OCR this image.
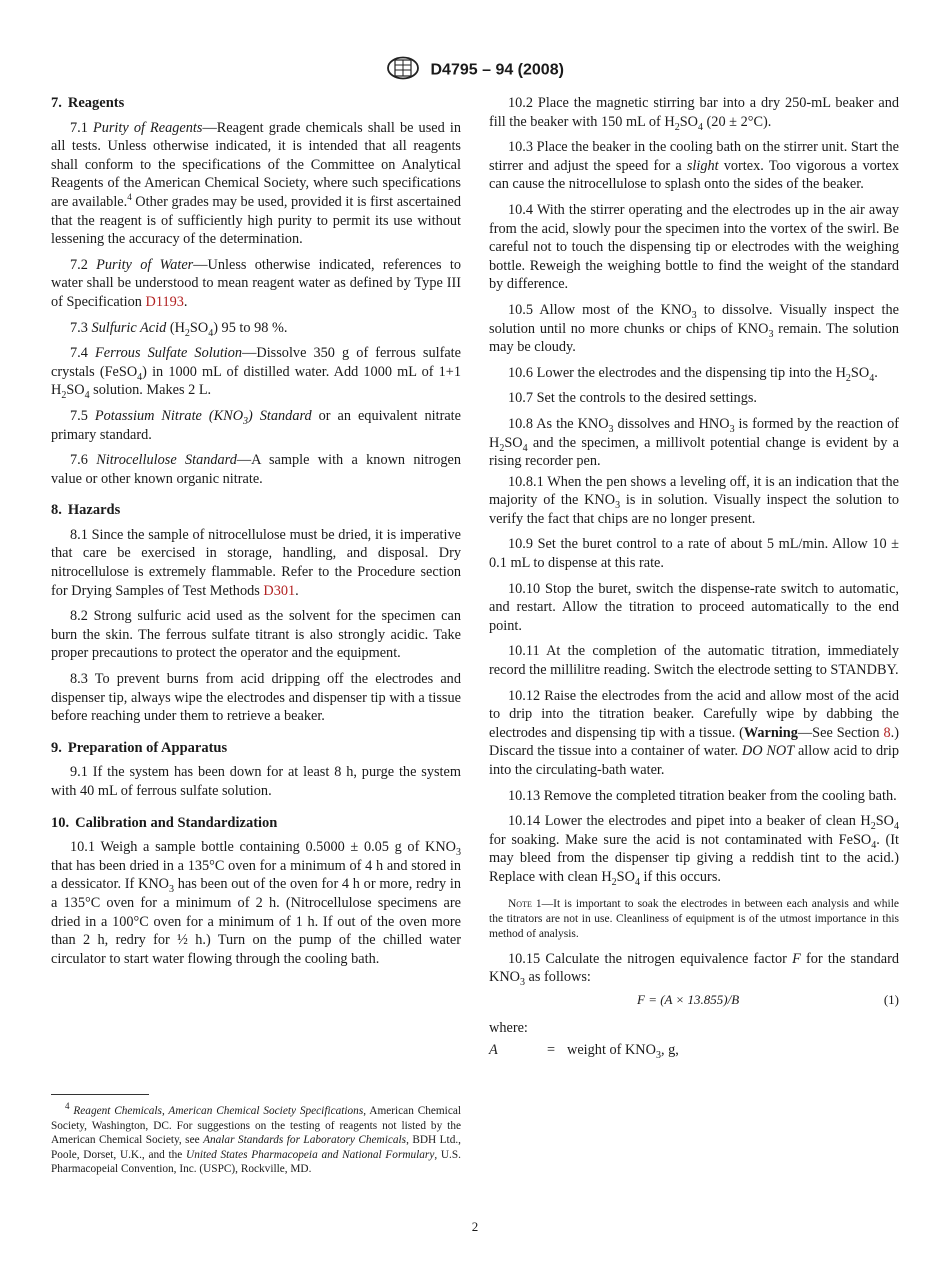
D4795 – 94 (2008)
7. Reagents

7.1 Purity of Reagents—Reagent grade chemicals shall be used in all tests. Unless otherwise indicated, it is intended that all reagents shall conform to the specifications of the Committee on Analytical Reagents of the American Chemical Society, where such specifications are available.$^4$ Other grades may be used, provided it is first ascertained that the reagent is of sufficiently high purity to permit its use without lessening the accuracy of the determination.

7.2 Purity of Water—Unless otherwise indicated, references to water shall be understood to mean reagent water as defined by Type III of Specification D1193.

7.3 Sulfuric Acid $(H_2SO_4)$ 95 to 98 %.

7.4 Ferrous Sulfate Solution—Dissolve 350 g of ferrous sulfate crystals (FeSO$_4$) in 1000 mL of distilled water. Add 1000 mL of 1+1 $H_2SO_4$ solution. Makes 2 L.

7.5 Potassium Nitrate $(KNO_3)$ Standard or an equivalent nitrate primary standard.

7.6 Nitrocellulose Standard—A sample with a known nitrogen value or other known organic nitrate.

8. Hazards

8.1 Since the sample of nitrocellulose must be dried, it is imperative that care be exercised in storage, handling, and disposal. Dry nitrocellulose is extremely flammable. Refer to the Procedure section for Drying Samples of Test Methods D301.

8.2 Strong sulfuric acid used as the solvent for the specimen can burn the skin. The ferrous sulfate titrant is also strongly acidic. Take proper precautions to protect the operator and the equipment.

8.3 To prevent burns from acid dripping off the electrodes and dispenser tip, always wipe the electrodes and dispenser tip with a tissue before reaching under them to retrieve a beaker.

9. Preparation of Apparatus

9.1 If the system has been down for at least 8 h, purge the system with 40 mL of ferrous sulfate solution.

10. Calibration and Standardization

10.1 Weigh a sample bottle containing 0.5000 ± 0.05 g of $KNO_3$ that has been dried in a 135°C oven for a minimum of 4 h and stored in a dessicator. If $KNO_3$ has been out of the oven for 4 h or more, redry in a 135°C oven for a minimum of 2 h. (Nitrocellulose specimens are dried in a 100°C oven for a minimum of 1 h. If out of the oven more than 2 h, redry for ½ h.) Turn on the pump of the chilled water circulator to start water flowing through the cooling bath.

$^4$ Reagent Chemicals, American Chemical Society Specifications, American Chemical Society, Washington, DC. For suggestions on the testing of reagents not listed by the American Chemical Society, see Analar Standards for Laboratory Chemicals, BDH Ltd., Poole, Dorset, U.K., and the United States Pharmacopeia and National Formulary, U.S. Pharmacopeial Convention, Inc. (USPC), Rockville, MD.

10.2 Place the magnetic stirring bar into a dry 250-mL beaker and fill the beaker with 150 mL of $H_2SO_4$ (20 ± 2°C).

10.3 Place the beaker in the cooling bath on the stirrer unit. Start the stirrer and adjust the speed for a slight vortex. Too vigorous a vortex can cause the nitrocellulose to splash onto the sides of the beaker.

10.4 With the stirrer operating and the electrodes up in the air away from the acid, slowly pour the specimen into the vortex of the swirl. Be careful not to touch the dispensing tip or electrodes with the weighing bottle. Reweigh the weighing bottle to find the weight of the standard by difference.

10.5 Allow most of the $KNO_3$ to dissolve. Visually inspect the solution until no more chunks or chips of $KNO_3$ remain. The solution may be cloudy.

10.6 Lower the electrodes and the dispensing tip into the $H_2SO_4$.

10.7 Set the controls to the desired settings.

10.8 As the $KNO_3$ dissolves and $HNO_3$ is formed by the reaction of $H_2SO_4$ and the specimen, a millivolt potential change is evident by a rising recorder pen.

10.8.1 When the pen shows a leveling off, it is an indication that the majority of the $KNO_3$ is in solution. Visually inspect the solution to verify the fact that chips are no longer present.

10.9 Set the buret control to a rate of about 5 mL/min. Allow 10 ± 0.1 mL to dispense at this rate.

10.10 Stop the buret, switch the dispense-rate switch to automatic, and restart. Allow the titration to proceed automatically to the end point.

10.11 At the completion of the automatic titration, immediately record the millilitre reading. Switch the electrode setting to STANDBY.

10.12 Raise the electrodes from the acid and allow most of the acid to drip into the titration beaker. Carefully wipe by dabbing the electrodes and dispensing tip with a tissue. (Warning—See Section 8.) Discard the tissue into a container of water. DO NOT allow acid to drip into the circulating-bath water.

10.13 Remove the completed titration beaker from the cooling bath.

10.14 Lower the electrodes and pipet into a beaker of clean $H_2SO_4$ for soaking. Make sure the acid is not contaminated with FeSO$_4$. (It may bleed from the dispenser tip giving a reddish tint to the acid.) Replace with clean $H_2SO_4$ if this occurs.

Note 1—It is important to soak the electrodes in between each analysis and while the titrators are not in use. Cleanliness of equipment is of the utmost importance in this method of analysis.

10.15 Calculate the nitrogen equivalence factor F for the standard $KNO_3$ as follows:

F = (A × 13.855)/B	(1)

where:

A	= weight of $KNO_3$, g,
2
